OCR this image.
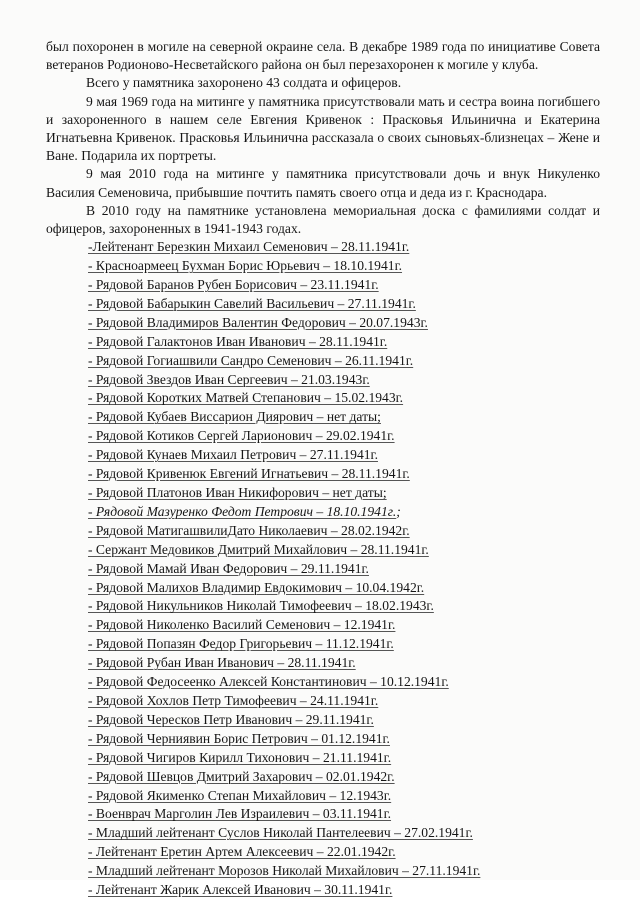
был похоронен в могиле на северной окраине села. В декабре 1989 года по инициативе Совета ветеранов Родионово-Несветайского района он был перезахоронен к могиле у клуба.

Всего у памятника захоронено 43 солдата и офицеров.

9 мая 1969 года на митинге у памятника присутствовали мать и сестра воина погибшего и захороненного в нашем селе Евгения Кривенок : Прасковья Ильинична и Екатерина Игнатьевна Кривенок. Прасковья Ильинична рассказала о своих сыновьях-близнецах – Жене и Ване. Подарила их портреты.

9 мая 2010 года на митинге у памятника присутствовали дочь и внук Никуленко Василия Семеновича, прибывшие почтить память своего отца и деда из г. Краснодара.

В 2010 году на памятнике установлена мемориальная доска с фамилиями солдат и офицеров, захороненных в 1941-1943 годах.

-Лейтенант Березкин Михаил Семенович – 28.11.1941г.
- Красноармеец Бухман Борис Юрьевич – 18.10.1941г.
- Рядовой Баранов Рубен Борисович – 23.11.1941г.
- Рядовой Бабарыкин Савелий Васильевич – 27.11.1941г.
- Рядовой Владимиров Валентин Федорович – 20.07.1943г.
- Рядовой Галактонов Иван Иванович – 28.11.1941г.
- Рядовой Гогиашвили Сандро Семенович – 26.11.1941г.
- Рядовой Звездов Иван Сергеевич – 21.03.1943г.
- Рядовой Коротких Матвей Степанович – 15.02.1943г.
- Рядовой Кубаев Виссарион Диярович – нет даты;
- Рядовой Котиков Сергей Ларионович – 29.02.1941г.
- Рядовой Кунаев Михаил Петрович – 27.11.1941г.
- Рядовой Кривенюк Евгений Игнатьевич – 28.11.1941г.
- Рядовой Платонов Иван Никифорович – нет даты;
- Рядовой Мазуренко Федот Петрович – 18.10.1941г.;
- Рядовой МатигашвилиДато Николаевич – 28.02.1942г.
- Сержант Медовиков Дмитрий Михайлович – 28.11.1941г.
- Рядовой Мамай Иван Федорович – 29.11.1941г.
- Рядовой Малихов Владимир Евдокимович – 10.04.1942г.
- Рядовой Никульников Николай Тимофеевич – 18.02.1943г.
- Рядовой Николенко Василий Семенович – 12.1941г.
- Рядовой Попазян Федор Григорьевич – 11.12.1941г.
- Рядовой Рубан Иван Иванович – 28.11.1941г.
- Рядовой Федосеенко Алексей Константинович – 10.12.1941г.
- Рядовой Хохлов Петр Тимофеевич – 24.11.1941г.
- Рядовой Чересков Петр Иванович – 29.11.1941г.
- Рядовой Черниявин Борис Петрович – 01.12.1941г.
- Рядовой Чигиров Кирилл Тихонович – 21.11.1941г.
- Рядовой Шевцов Дмитрий Захарович – 02.01.1942г.
- Рядовой Якименко Степан Михайлович – 12.1943г.
- Военврач Марголин Лев Израилевич – 03.11.1941г.
- Младший лейтенант Суслов Николай Пантелеевич – 27.02.1941г.
- Лейтенант Еретин Артем Алексеевич – 22.01.1942г.
- Младший лейтенант Морозов Николай Михайлович – 27.11.1941г.
- Лейтенант Жарик Алексей Иванович – 30.11.1941г.
